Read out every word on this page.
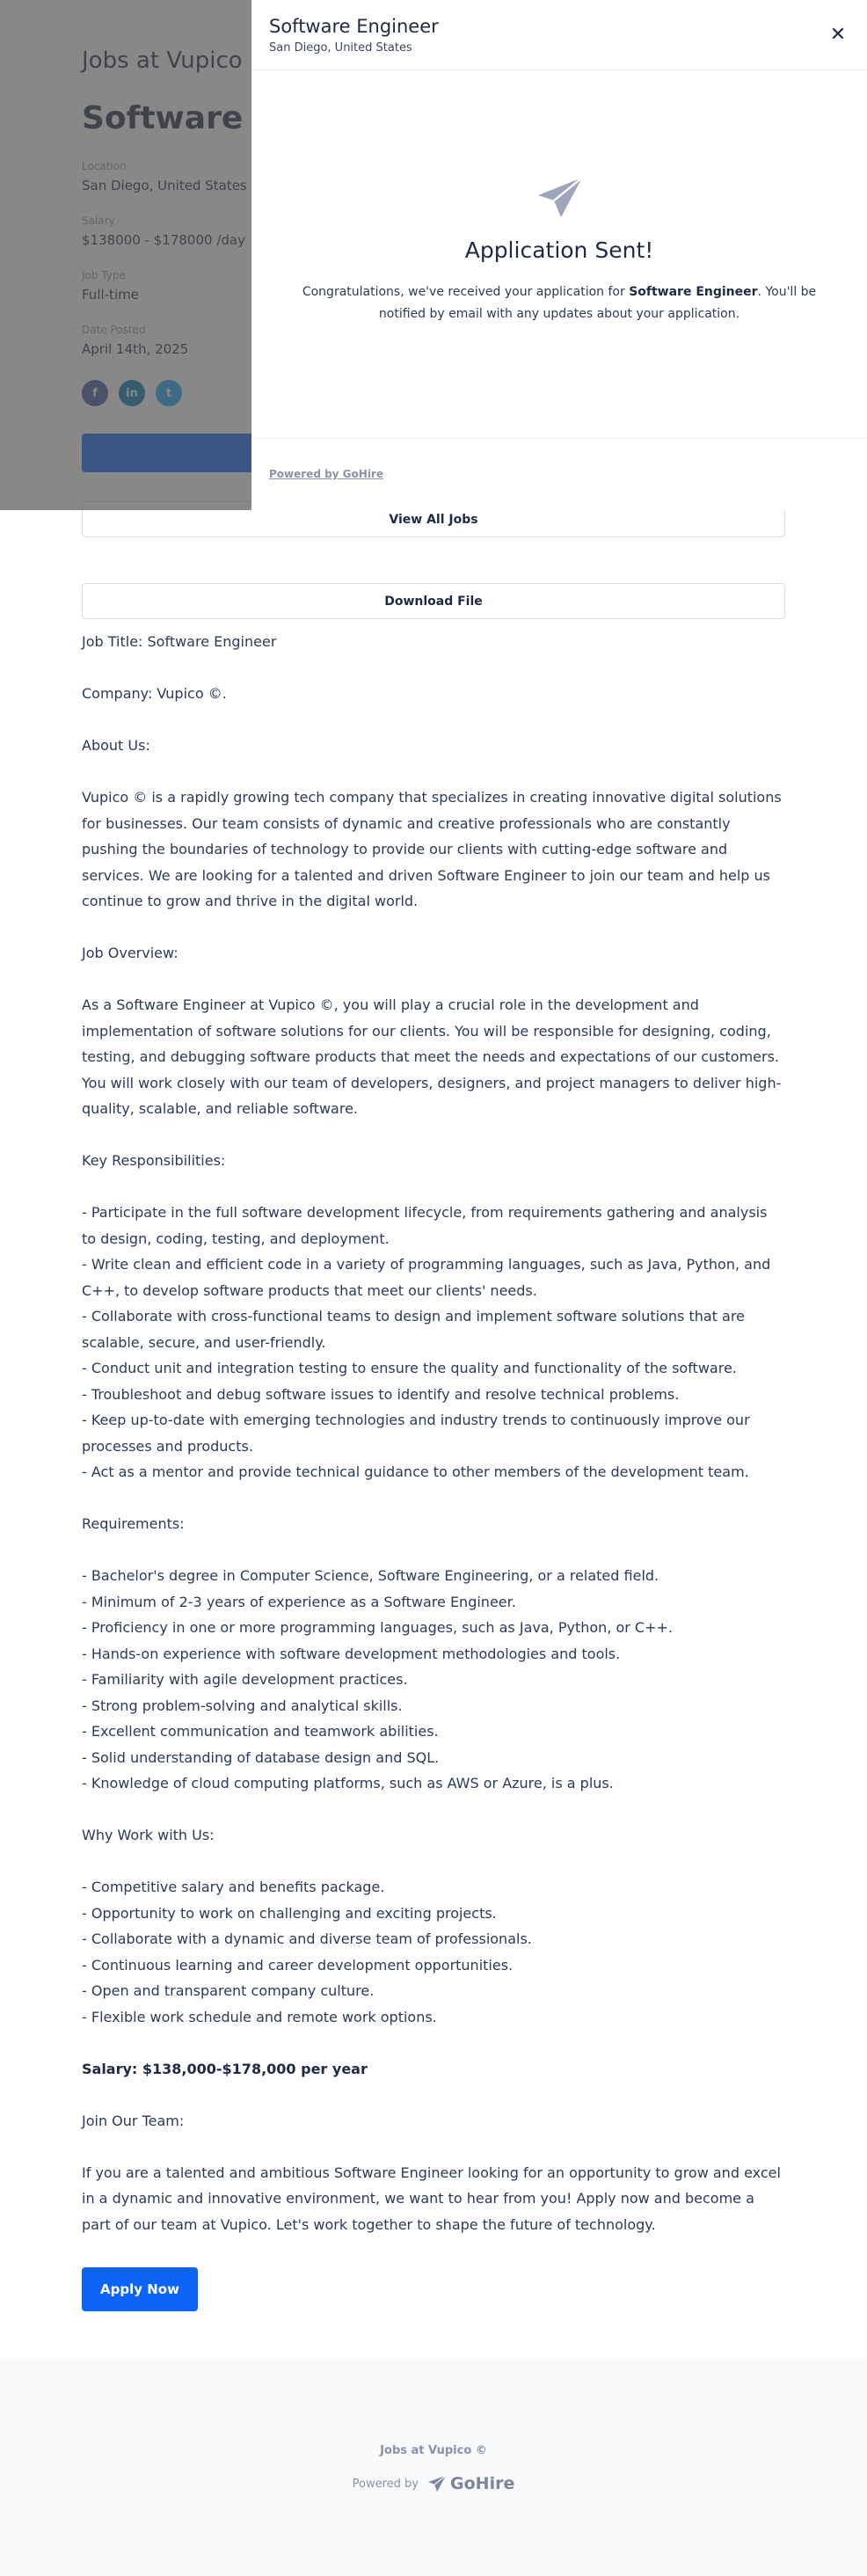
View All Jobs
Download File

Job Title: Software Engineer

Company: Vupico ©.

About Us:

Vupico © is a rapidly growing tech company that specializes in creating innovative digital solutions for businesses. Our team consists of dynamic and creative professionals who are constantly pushing the boundaries of technology to provide our clients with cutting-edge software and services. We are looking for a talented and driven Software Engineer to join our team and help us continue to grow and thrive in the digital world.

Job Overview:

As a Software Engineer at Vupico ©, you will play a crucial role in the development and implementation of software solutions for our clients. You will be responsible for designing, coding, testing, and debugging software products that meet the needs and expectations of our customers. You will work closely with our team of developers, designers, and project managers to deliver high-quality, scalable, and reliable software.

Key Responsibilities:

- Participate in the full software development lifecycle, from requirements gathering and analysis to design, coding, testing, and deployment.

- Write clean and efficient code in a variety of programming languages, such as Java, Python, and C++, to develop software products that meet our clients' needs.

- Collaborate with cross-functional teams to design and implement software solutions that are scalable, secure, and user-friendly.

- Conduct unit and integration testing to ensure the quality and functionality of the software.

- Troubleshoot and debug software issues to identify and resolve technical problems.

- Keep up-to-date with emerging technologies and industry trends to continuously improve our processes and products.

- Act as a mentor and provide technical guidance to other members of the development team.

Requirements:

- Bachelor's degree in Computer Science, Software Engineering, or a related field.

- Minimum of 2-3 years of experience as a Software Engineer.

- Proficiency in one or more programming languages, such as Java, Python, or C++.

- Hands-on experience with software development methodologies and tools.

- Familiarity with agile development practices.

- Strong problem-solving and analytical skills.

- Excellent communication and teamwork abilities.

- Solid understanding of database design and SQL.

- Knowledge of cloud computing platforms, such as AWS or Azure, is a plus.

Why Work with Us:

- Competitive salary and benefits package.

- Opportunity to work on challenging and exciting projects.

- Collaborate with a dynamic and diverse team of professionals.

- Continuous learning and career development opportunities.

- Open and transparent company culture.

- Flexible work schedule and remote work options.

Salary: $138,000-$178,000 per year

Join Our Team:

If you are a talented and ambitious Software Engineer looking for an opportunity to grow and excel in a dynamic and innovative environment, we want to hear from you! Apply now and become a part of our team at Vupico. Let's work together to shape the future of technology.

Apply Now
Jobs at Vupico ©
Powered by GoHire
Software Engineer
San Diego, United States
✕
Application Sent!
Congratulations, we've received your application for Software Engineer. You'll be notified by email with any updates about your application.
Powered by GoHire
